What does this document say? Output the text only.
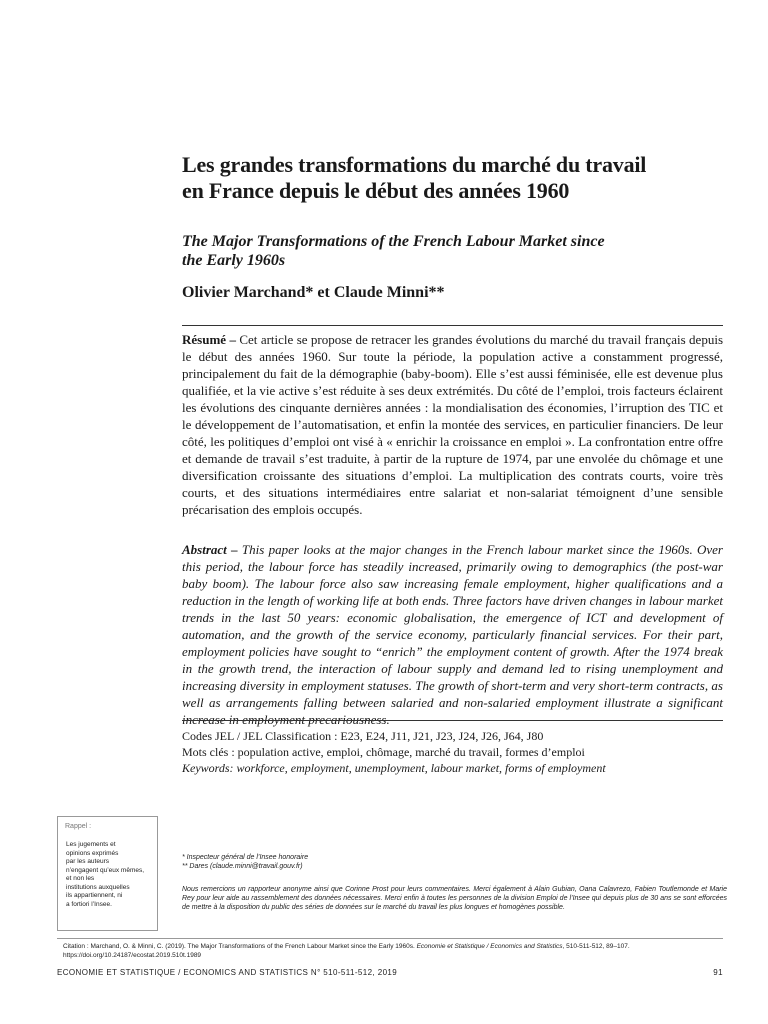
Les grandes transformations du marché du travail
en France depuis le début des années 1960
The Major Transformations of the French Labour Market since
the Early 1960s
Olivier Marchand* et Claude Minni**
Résumé – Cet article se propose de retracer les grandes évolutions du marché du travail français depuis le début des années 1960. Sur toute la période, la population active a constamment progressé, principalement du fait de la démographie (baby-boom). Elle s’est aussi féminisée, elle est devenue plus qualifiée, et la vie active s’est réduite à ses deux extrémités. Du côté de l’emploi, trois facteurs éclairent les évolutions des cinquante dernières années : la mondialisation des économies, l’irruption des TIC et le développement de l’automatisation, et enfin la montée des services, en particulier financiers. De leur côté, les politiques d’emploi ont visé à « enrichir la croissance en emploi ». La confrontation entre offre et demande de travail s’est traduite, à partir de la rupture de 1974, par une envolée du chômage et une diversification croissante des situations d’emploi. La multiplication des contrats courts, voire très courts, et des situations intermédiaires entre salariat et non-salariat témoignent d’une sensible précarisation des emplois occupés.
Abstract – This paper looks at the major changes in the French labour market since the 1960s. Over this period, the labour force has steadily increased, primarily owing to demographics (the post-war baby boom). The labour force also saw increasing female employment, higher qualifications and a reduction in the length of working life at both ends. Three factors have driven changes in labour market trends in the last 50 years: economic globalisation, the emergence of ICT and development of automation, and the growth of the service economy, particularly financial services. For their part, employment policies have sought to “enrich” the employment content of growth. After the 1974 break in the growth trend, the interaction of labour supply and demand led to rising unemployment and increasing diversity in employment statuses. The growth of short-term and very short-term contracts, as well as arrangements falling between salaried and non-salaried employment illustrate a significant increase in employment precariousness.
Codes JEL / JEL Classification : E23, E24, J11, J21, J23, J24, J26, J64, J80
Mots clés : population active, emploi, chômage, marché du travail, formes d’emploi
Keywords: workforce, employment, unemployment, labour market, forms of employment
Rappel :
Les jugements et
opinions exprimés
par les auteurs
n’engagent qu’eux mêmes,
et non les
institutions auxquelles
ils appartiennent, ni
a fortiori l’Insee.
* Inspecteur général de l’Insee honoraire
** Dares (claude.minni@travail.gouv.fr)
Nous remercions un rapporteur anonyme ainsi que Corinne Prost pour leurs commentaires. Merci également à Alain Gubian, Oana Calavrezo, Fabien Toutlemonde et Marie Rey pour leur aide au rassemblement des données nécessaires. Merci enfin à toutes les personnes de la division Emploi de l’Insee qui depuis plus de 30 ans se sont efforcées de mettre à la disposition du public des séries de données sur le marché du travail les plus longues et homogènes possible.
Citation : Marchand, O. & Minni, C. (2019). The Major Transformations of the French Labour Market since the Early 1960s. Economie et Statistique / Economics and Statistics, 510-511-512, 89–107.
https://doi.org/10.24187/ecostat.2019.510t.1989
ECONOMIE ET STATISTIQUE / ECONOMICS AND STATISTICS N° 510-511-512, 2019	91
